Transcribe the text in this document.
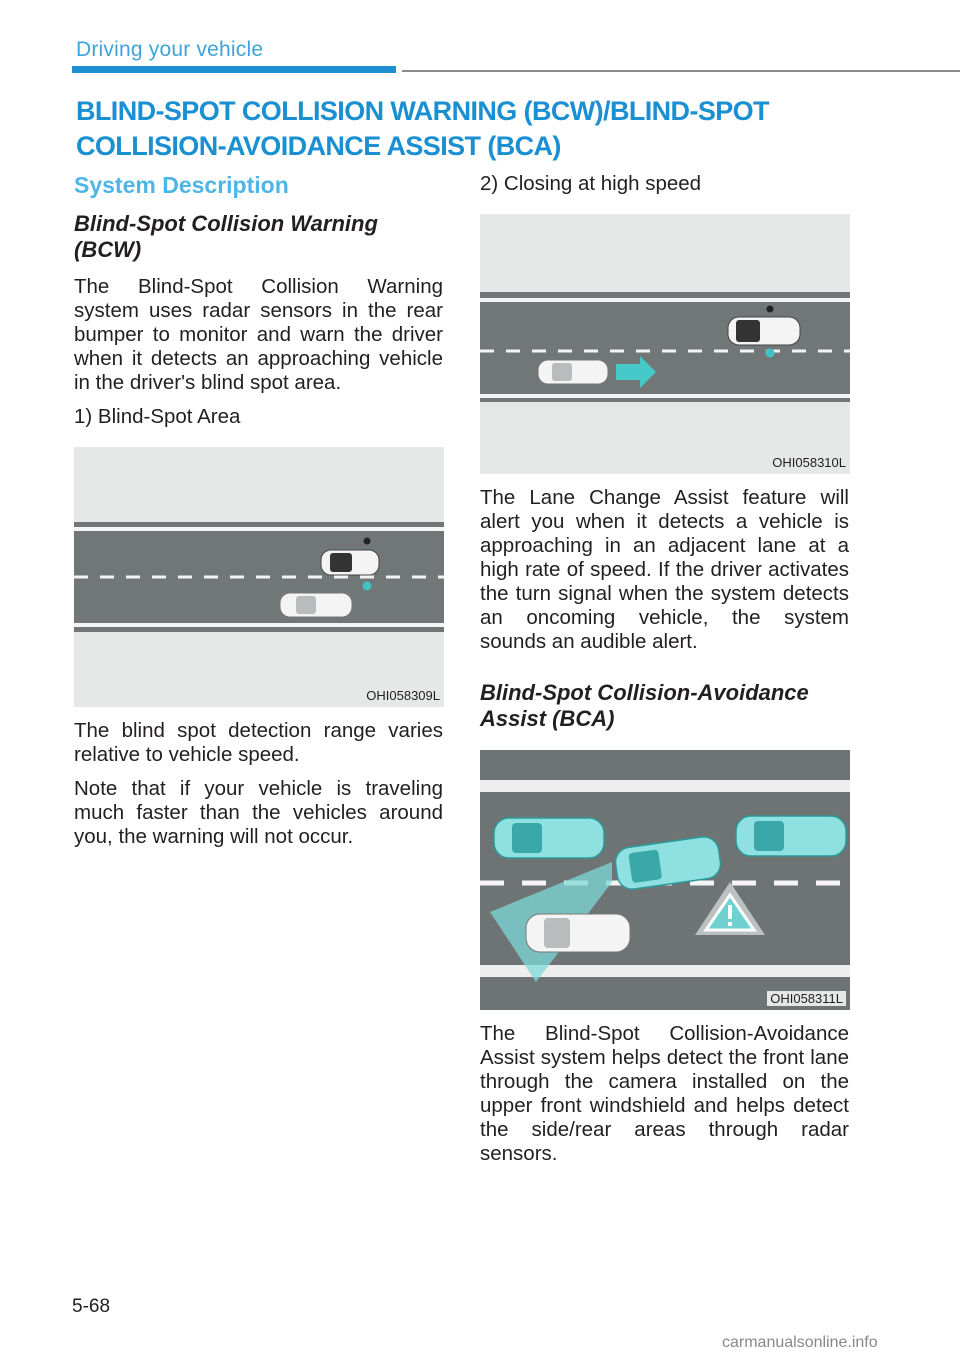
Driving your vehicle
BLIND-SPOT COLLISION WARNING (BCW)/BLIND-SPOT
COLLISION-AVOIDANCE ASSIST (BCA)
System Description
Blind-Spot Collision Warning (BCW)
The Blind-Spot Collision Warning system uses radar sensors in the rear bumper to monitor and warn the driver when it detects an approaching vehicle in the driver's blind spot area.
1) Blind-Spot Area
OHI058309L
The blind spot detection range varies relative to vehicle speed.
Note that if your vehicle is traveling much faster than the vehicles around you, the warning will not occur.
2) Closing at high speed
OHI058310L
The Lane Change Assist feature will alert you when it detects a vehicle is approaching in an adjacent lane at a high rate of speed. If the driver activates the turn signal when the system detects an oncoming vehicle, the system sounds an audible alert.
Blind-Spot Collision-Avoidance Assist (BCA)
OHI058311L
The Blind-Spot Collision-Avoidance Assist system helps detect the front lane through the camera installed on the upper front windshield and helps detect the side/rear areas through radar sensors.
5-68
carmanualsonline.info
